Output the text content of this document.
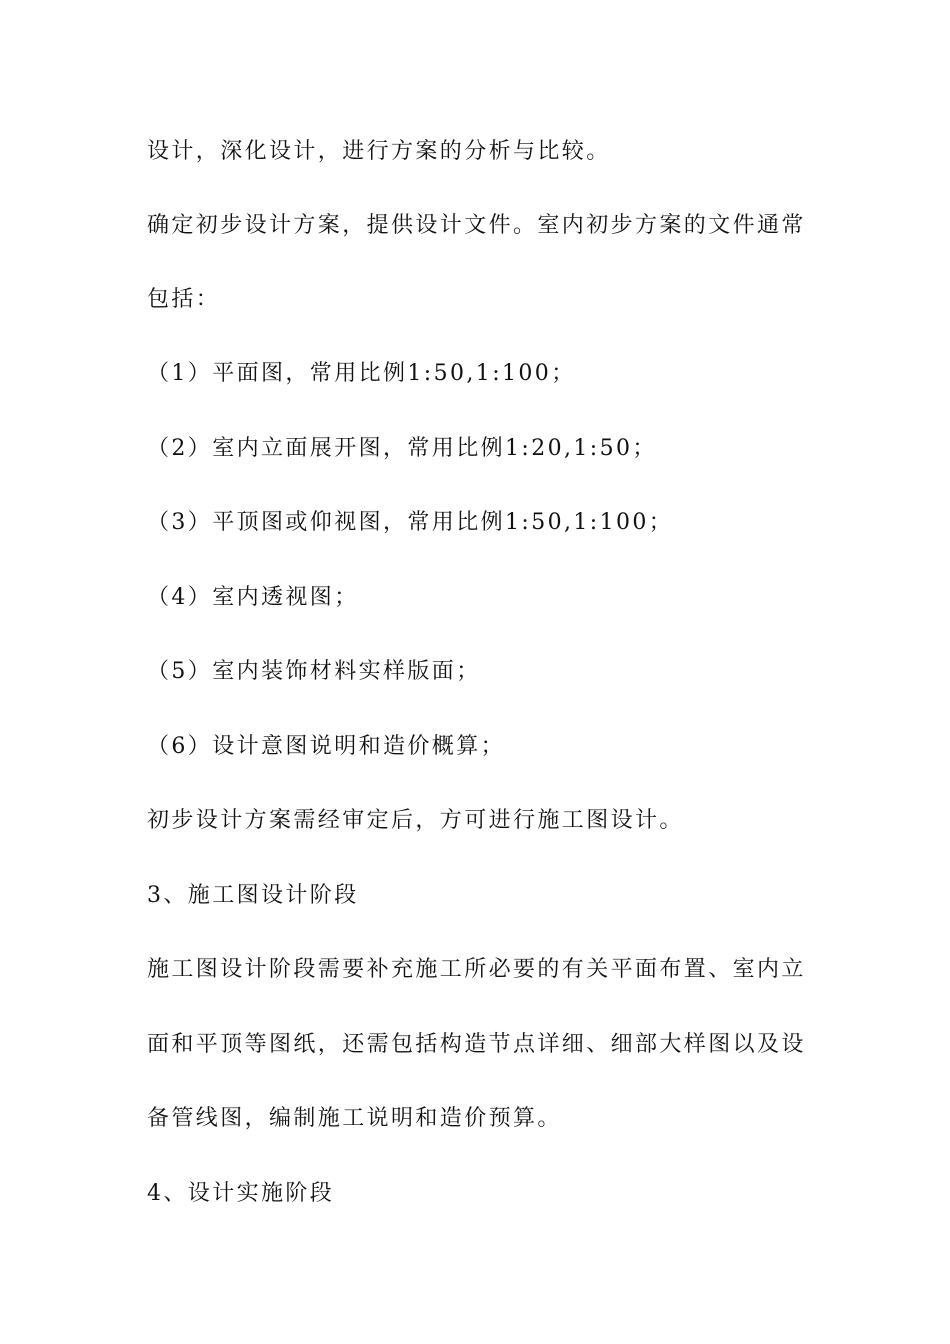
设计，深化设计，进行方案的分析与比较。

确定初步设计方案，提供设计文件。室内初步方案的文件通常

包括：

（1）平面图，常用比例1:50,1:100；

（2）室内立面展开图，常用比例1:20,1:50；

（3）平顶图或仰视图，常用比例1:50,1:100；

（4）室内透视图；

（5）室内装饰材料实样版面；

（6）设计意图说明和造价概算；

初步设计方案需经审定后，方可进行施工图设计。

3、施工图设计阶段

施工图设计阶段需要补充施工所必要的有关平面布置、室内立

面和平顶等图纸，还需包括构造节点详细、细部大样图以及设

备管线图，编制施工说明和造价预算。

4、设计实施阶段
